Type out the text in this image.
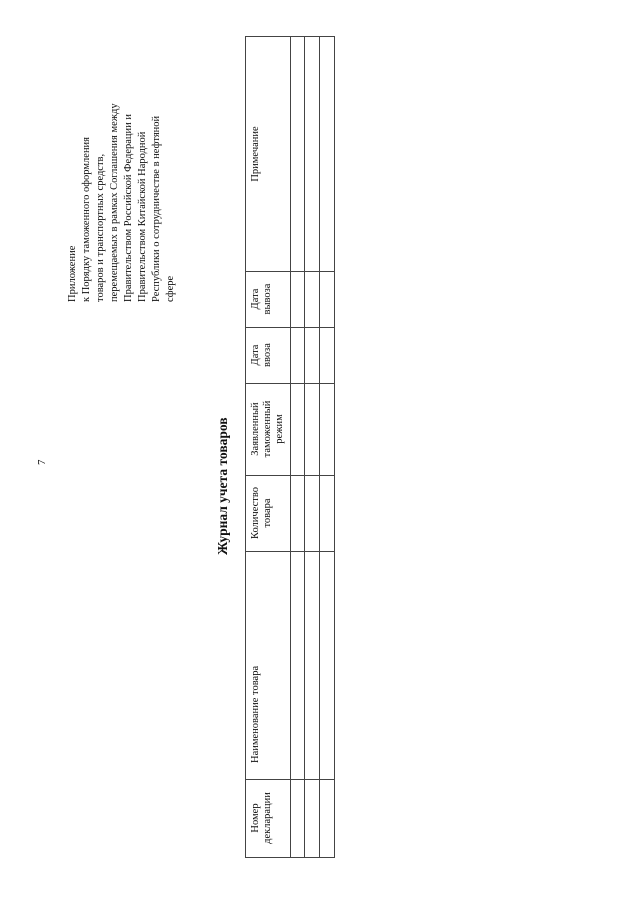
7
Приложение к Порядку таможенного оформления товаров и транспортных средств, перемещаемых в рамках Соглашения между Правительством Российской Федерации и Правительством Китайской Народной Республики о сотрудничестве в нефтяной сфере
Журнал учета товаров
Номер декларации
Наименование товара
Количество товара
Заявленный таможенный режим
Дата ввоза
Дата вывоза
Примечание
